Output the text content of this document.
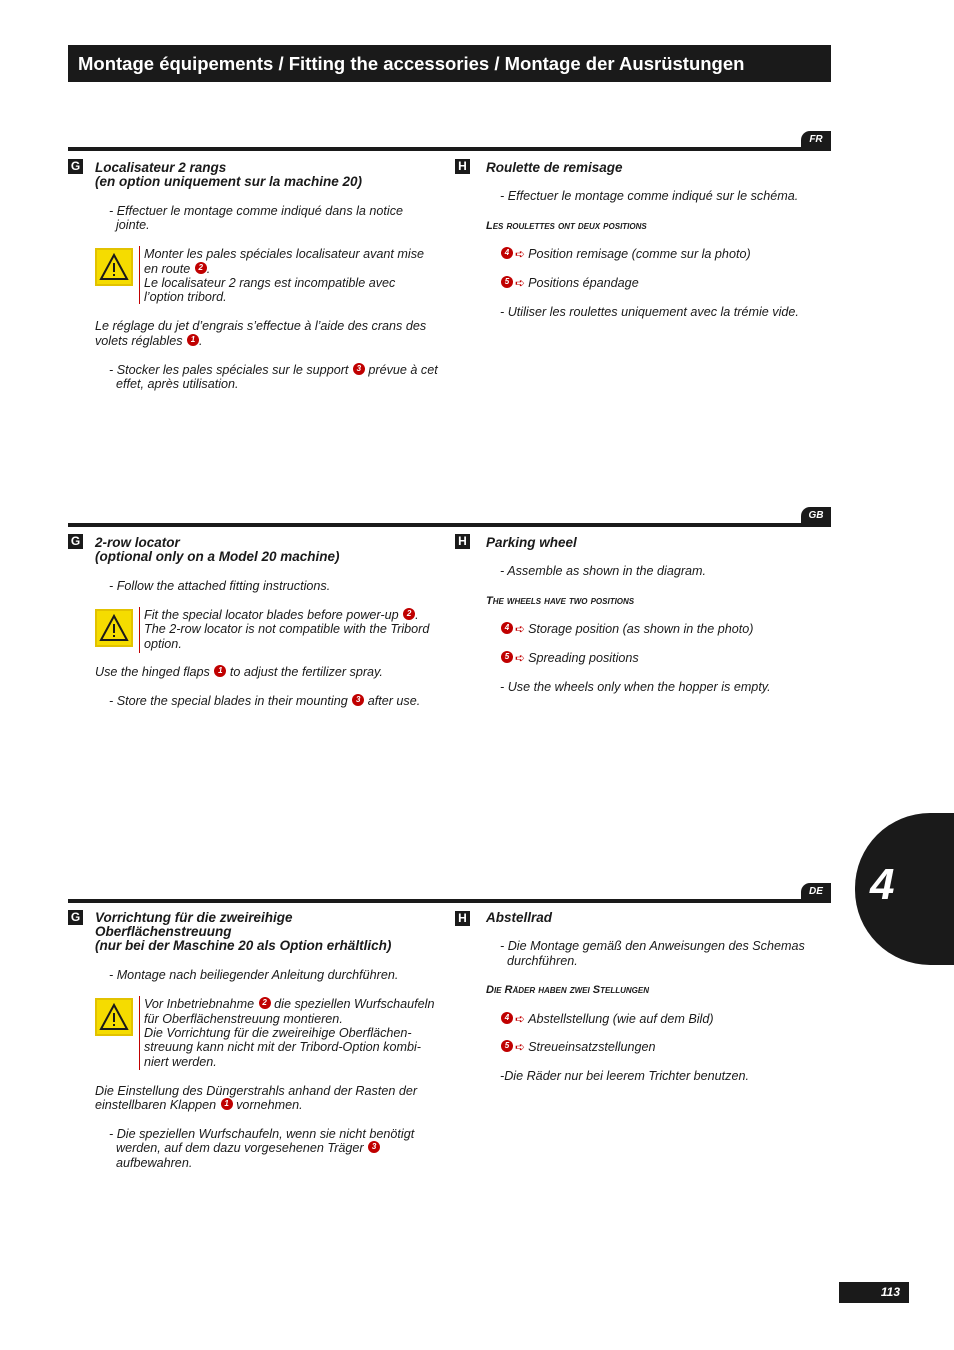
Montage équipements / Fitting the accessories / Montage der Ausrüstungen
FR
G Localisateur 2 rangs
(en option uniquement sur la machine 20)
- Effectuer le montage comme indiqué dans la notice
jointe.
Monter les pales spéciales localisateur avant mise
en route 2 .
Le localisateur 2 rangs est incompatible avec
l’option tribord.
Le réglage du jet d’engrais s’effectue à l’aide des crans des
volets réglables 1 .
- Stocker les pales spéciales sur le support 3 prévue à cet
effet, après utilisation.
H Roulette de remisage
- Effectuer le montage comme indiqué sur le schéma.
Les roulettes ont deux positions
4 ➪ Position remisage (comme sur la photo)
5 ➪ Positions épandage
- Utiliser les roulettes uniquement avec la trémie vide.
GB
G 2-row locator
(optional only on a Model 20 machine)
- Follow the attached fitting instructions.
Fit the special locator blades before power-up 2 .
The 2-row locator is not compatible with the Tribord
option.
Use the hinged flaps 1 to adjust the fertilizer spray.
- Store the special blades in their mounting 3 after use.
H Parking wheel
- Assemble as shown in the diagram.
The wheels have two positions
4 ➪ Storage position (as shown in the photo)
5 ➪ Spreading positions
- Use the wheels only when the hopper is empty.
4
DE
G Vorrichtung für die zweireihige
Oberflächenstreuung
(nur bei der Maschine 20 als Option erhältlich)
- Montage nach beiliegender Anleitung durchführen.
Vor Inbetriebnahme 2 die speziellen Wurfschaufeln
für Oberflächenstreuung montieren.
Die Vorrichtung für die zweireihige Oberflächen-
streuung kann nicht mit der Tribord-Option kombi-
niert werden.
Die Einstellung des Düngerstrahls anhand der Rasten der
einstellbaren Klappen 1 vornehmen.
- Die speziellen Wurfschaufeln, wenn sie nicht benötigt
werden, auf dem dazu vorgesehenen Träger 3
aufbewahren.
H Abstellrad
- Die Montage gemäß den Anweisungen des Schemas
durchführen.
Die Räder haben zwei Stellungen
4 ➪ Abstellstellung (wie auf dem Bild)
5 ➪ Streueinsatzstellungen
-Die Räder nur bei leerem Trichter benutzen.
113
